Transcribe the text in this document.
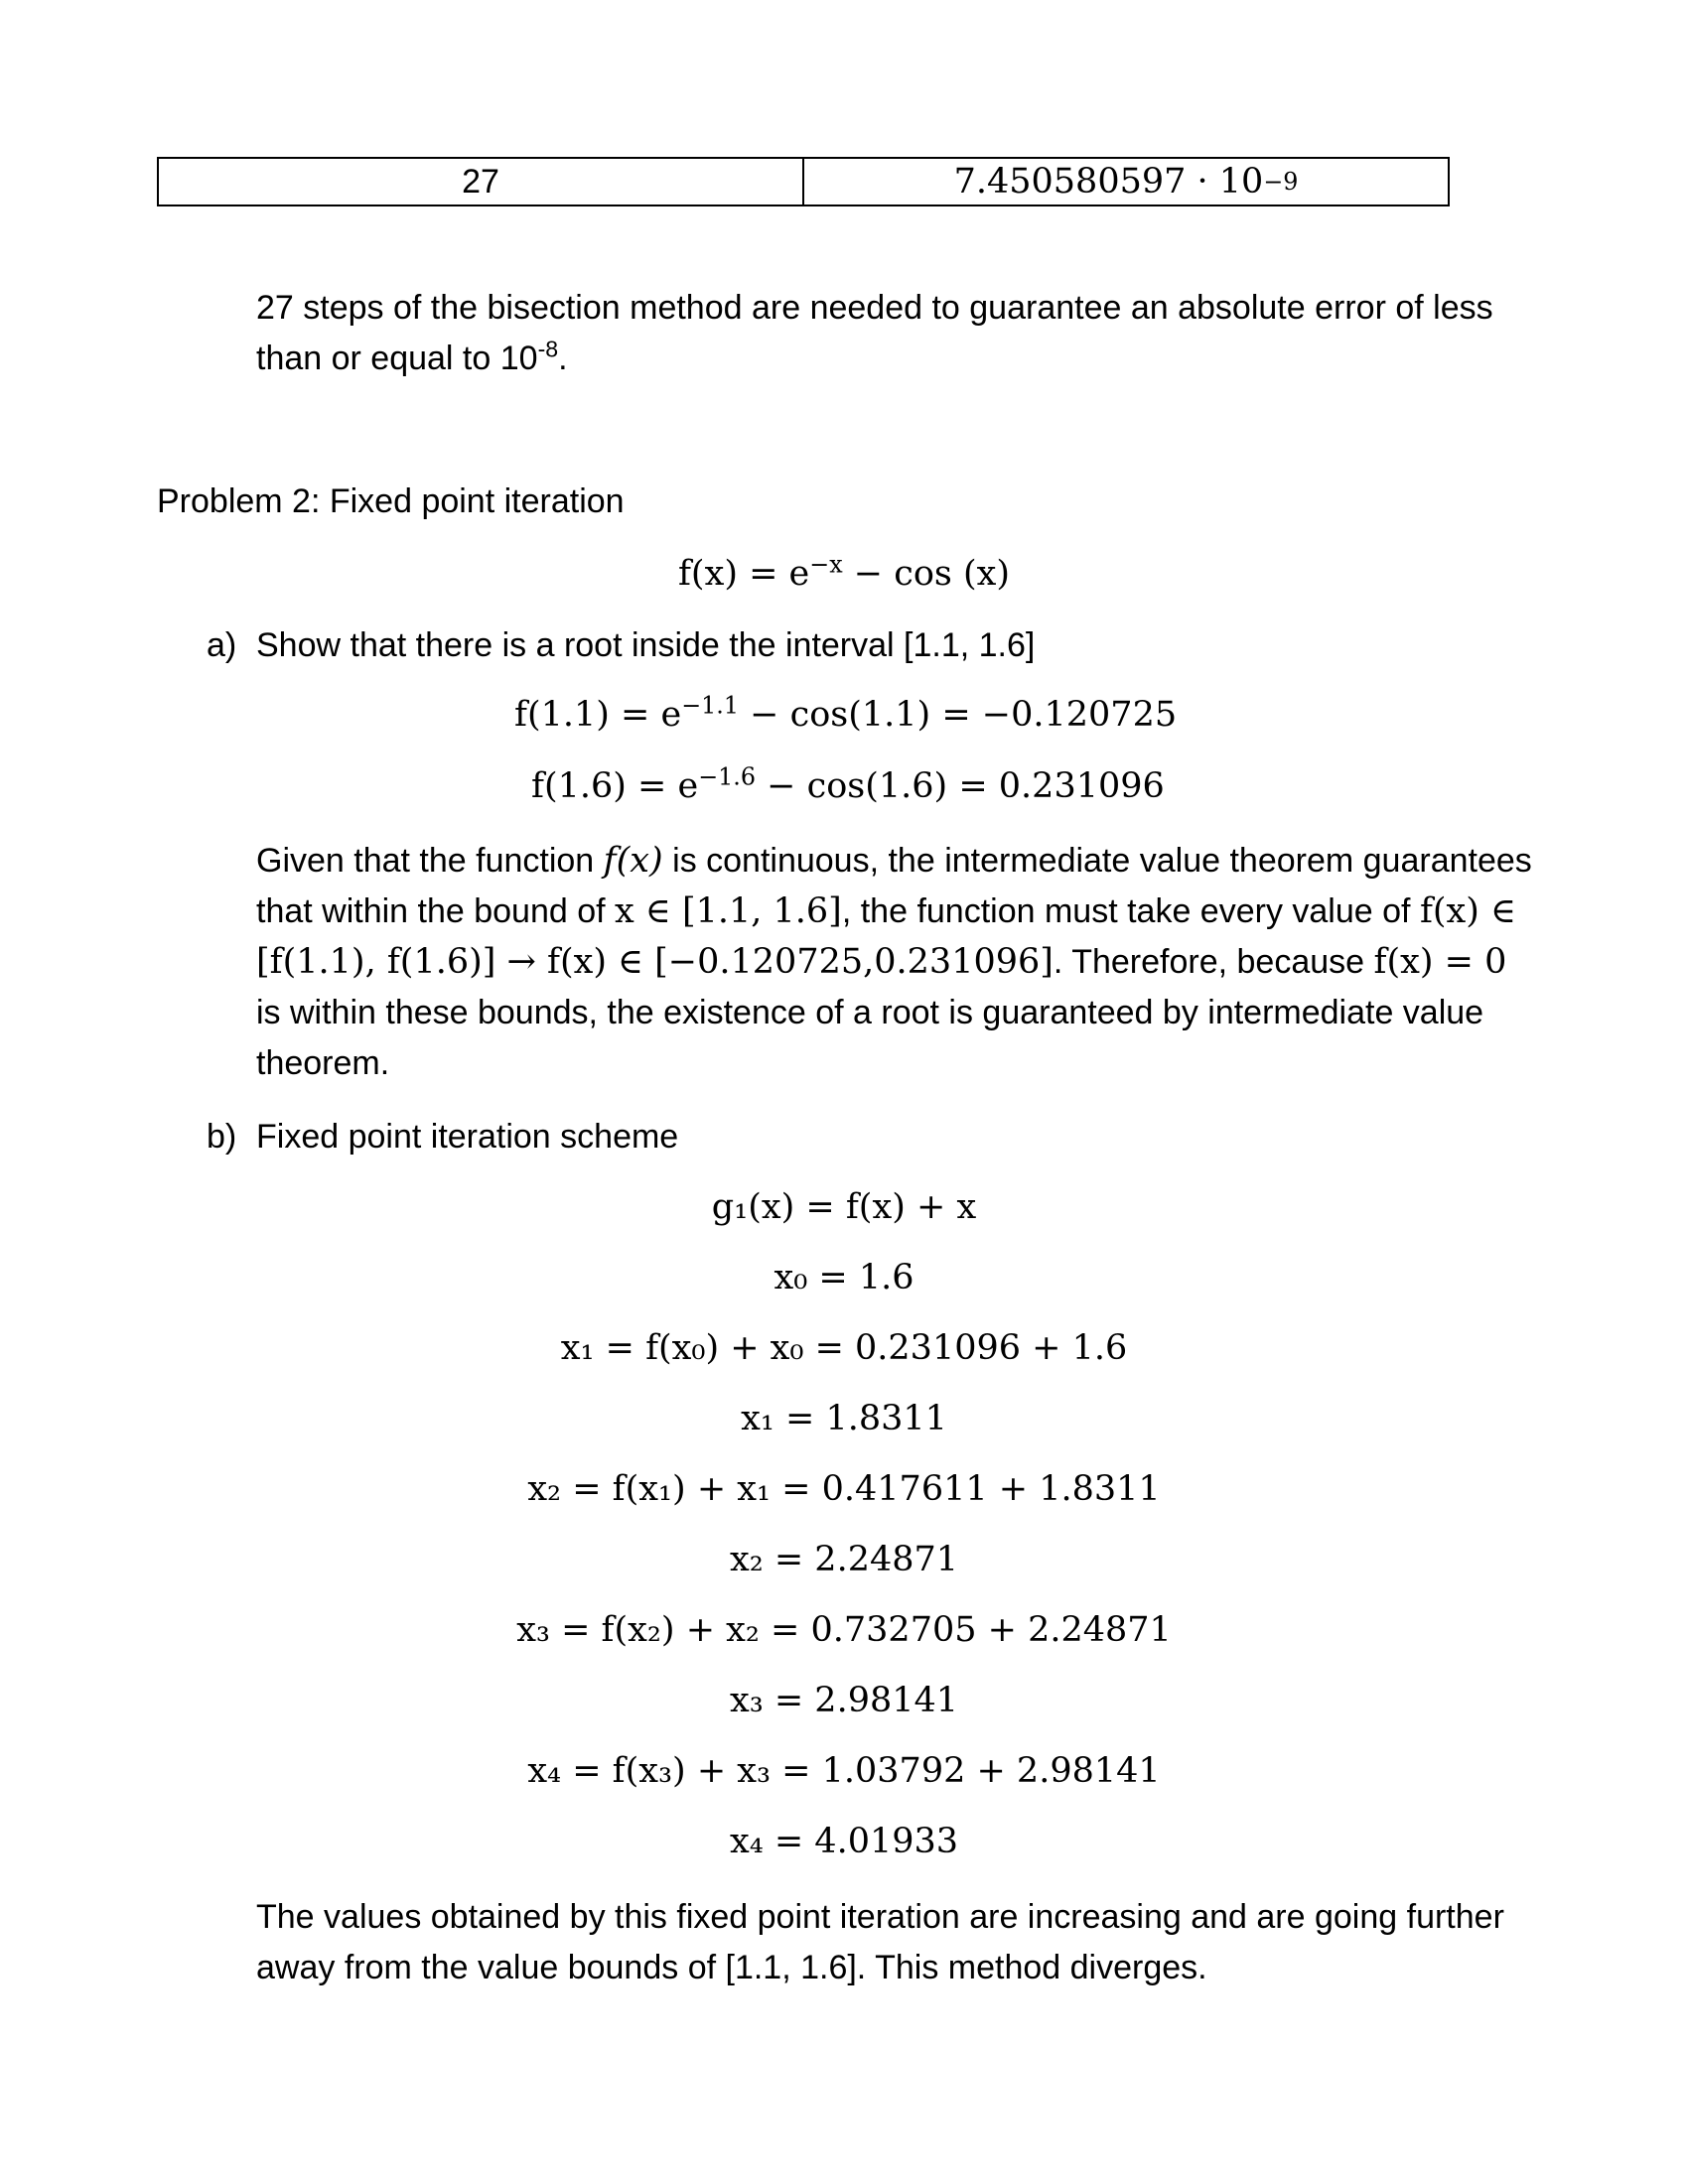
27	7.450580597 · 10 −9
27 steps of the bisection method are needed to guarantee an absolute error of less than or equal to $10^{-8}$.
Problem 2: Fixed point iteration
$f(x) = e^{-x} - \cos (x)$
a) Show that there is a root inside the interval [1.1, 1.6]
$f(1.1) = e^{-1.1} - \cos(1.1) = -0.120725$
$f(1.6) = e^{-1.6} - \cos(1.6) = 0.231096$
Given that the function f(x) is continuous, the intermediate value theorem guarantees that within the bound of x ∈ [1.1, 1.6], the function must take every value of f(x) ∈ [f(1.1), f(1.6)] → f(x) ∈ [−0.120725,0.231096]. Therefore, because f(x) = 0 is within these bounds, the existence of a root is guaranteed by intermediate value theorem.
b) Fixed point iteration scheme
g₁(x) = f(x) + x
x₀ = 1.6
x₁ = f(x₀) + x₀ = 0.231096 + 1.6
x₁ = 1.8311
x₂ = f(x₁) + x₁ = 0.417611 + 1.8311
x₂ = 2.24871
x₃ = f(x₂) + x₂ = 0.732705 + 2.24871
x₃ = 2.98141
x₄ = f(x₃) + x₃ = 1.03792 + 2.98141
x₄ = 4.01933
The values obtained by this fixed point iteration are increasing and are going further away from the value bounds of [1.1, 1.6]. This method diverges.
